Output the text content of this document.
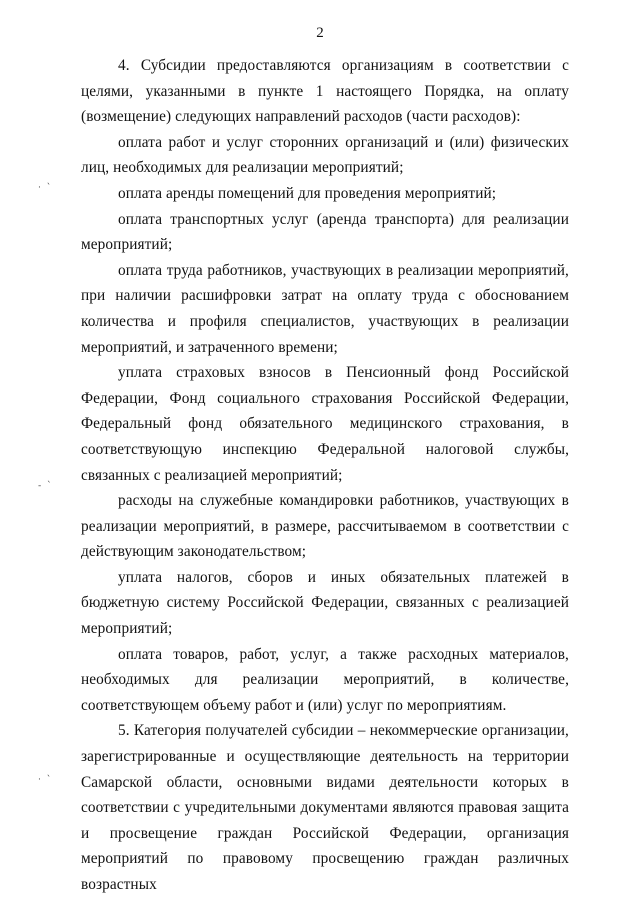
2
·  `
-  `
·  `

4. Субсидии предоставляются организациям в соответствии с целями, указанными в пункте 1 настоящего Порядка, на оплату (возмещение) следующих направлений расходов (части расходов):

оплата работ и услуг сторонних организаций и (или) физических лиц, необходимых для реализации мероприятий;

оплата аренды помещений для проведения мероприятий;

оплата транспортных услуг (аренда транспорта) для реализации мероприятий;

оплата труда работников, участвующих в реализации мероприятий, при наличии расшифровки затрат на оплату труда с обоснованием количества и профиля специалистов, участвующих в реализации мероприятий, и затраченного времени;

уплата страховых взносов в Пенсионный фонд Российской Федерации, Фонд социального страхования Российской Федерации, Федеральный фонд обязательного медицинского страхования, в соответствующую инспекцию Федеральной налоговой службы, связанных с реализацией мероприятий;

расходы на служебные командировки работников, участвующих в реализации мероприятий, в размере, рассчитываемом в соответствии с действующим законодательством;

уплата налогов, сборов и иных обязательных платежей в бюджетную систему Российской Федерации, связанных с реализацией мероприятий;

оплата товаров, работ, услуг, а также расходных материалов, необходимых для реализации мероприятий, в количестве, соответствующем объему работ и (или) услуг по мероприятиям.

5. Категория получателей субсидии – некоммерческие организации, зарегистрированные и осуществляющие деятельность на территории Самарской области, основными видами деятельности которых в соответствии с учредительными документами являются правовая защита и просвещение граждан Российской Федерации, организация мероприятий по правовому просвещению граждан различных возрастных
